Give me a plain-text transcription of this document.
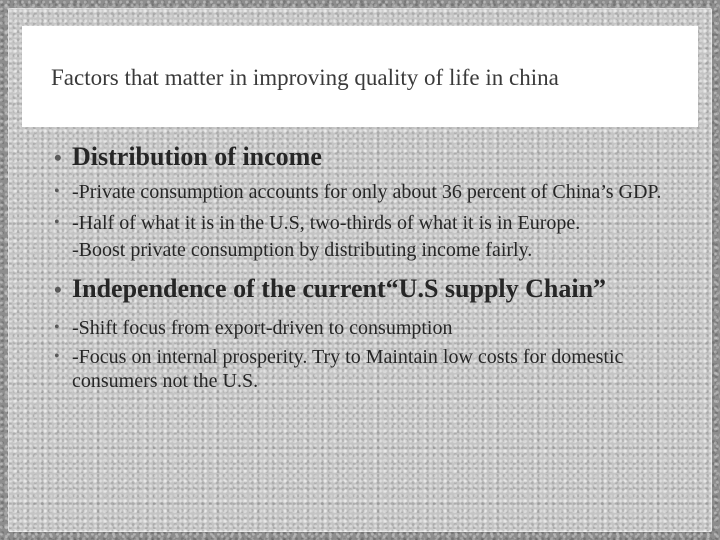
Factors that matter in improving quality of life in china
• Distribution of income
• -Private consumption accounts for only about 36 percent of China’s GDP.
• -Half of what it is in the U.S, two-thirds of what it is in Europe.
-Boost private consumption by distributing income fairly.
• Independence of the current“U.S supply Chain”
• -Shift focus from export-driven to consumption
• -Focus on internal prosperity. Try to Maintain low costs for domestic consumers not the U.S.
